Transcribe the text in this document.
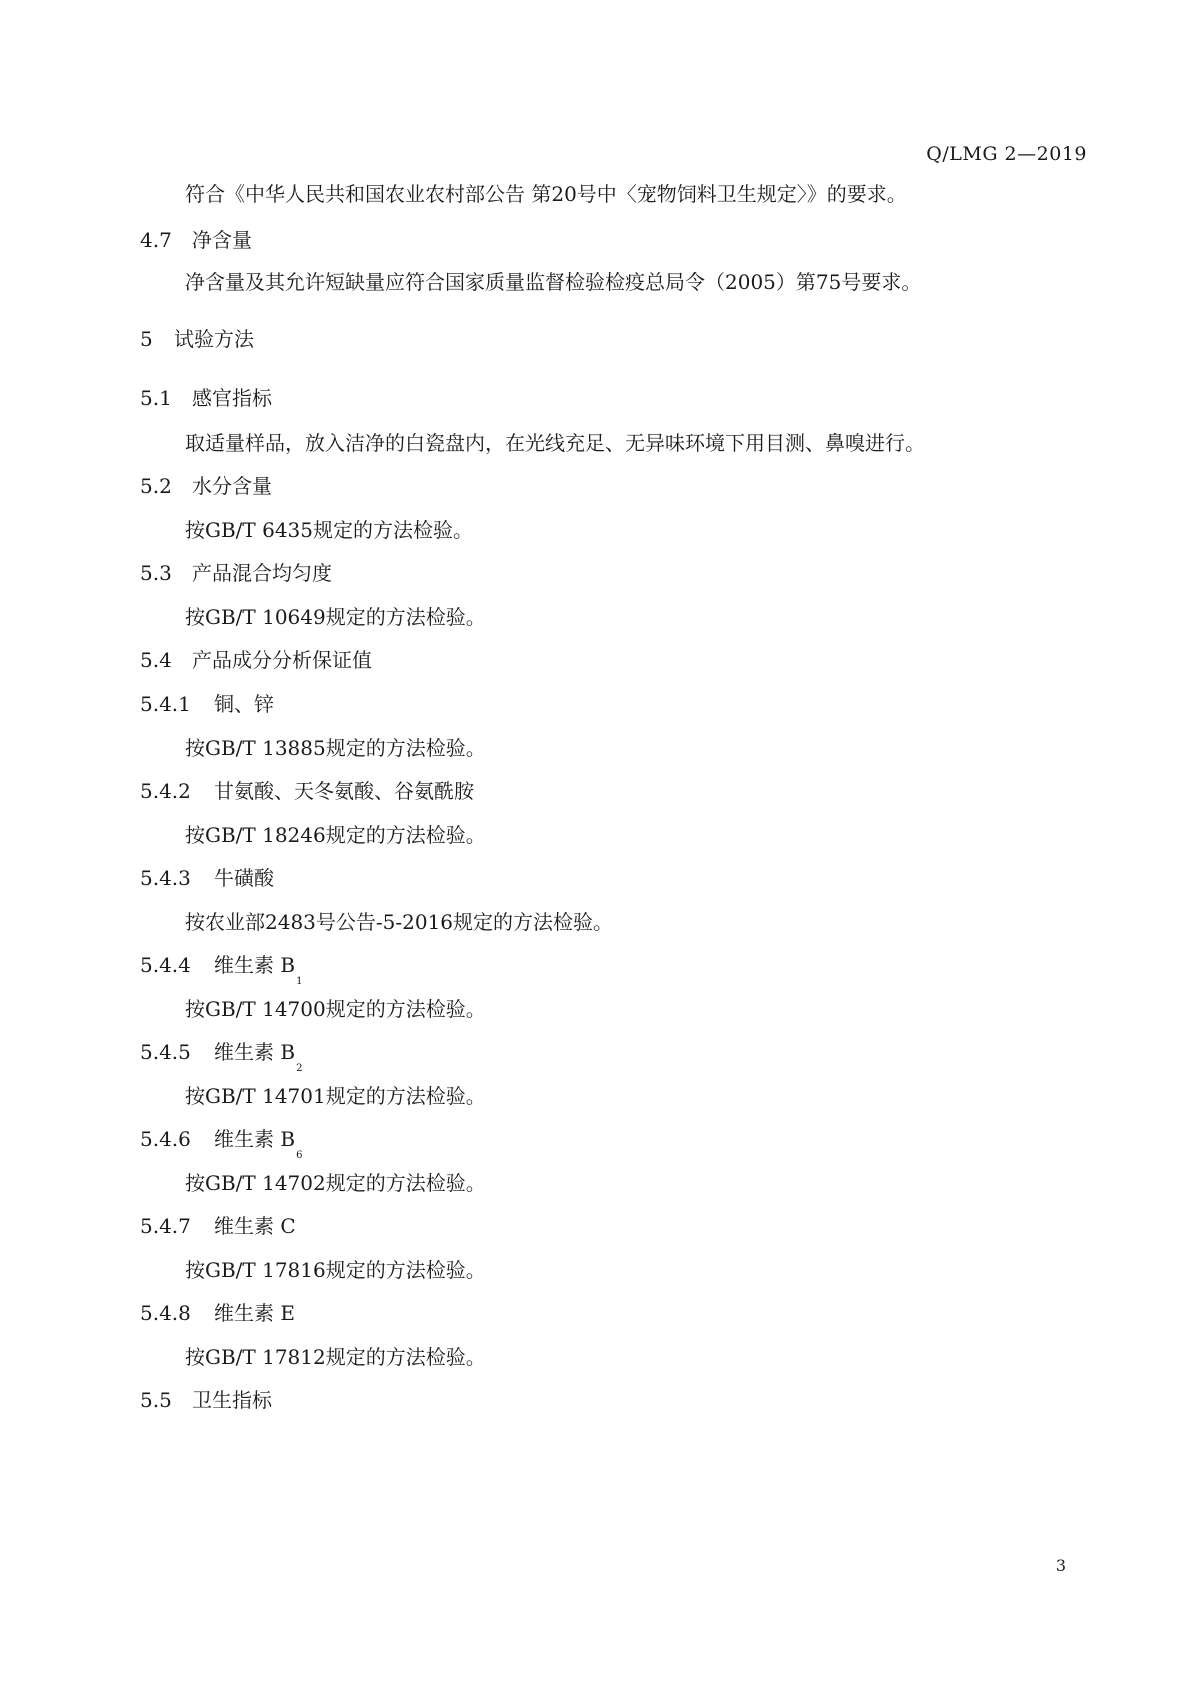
Q/LMG 2—2019
符合《中华人民共和国农业农村部公告 第20号中〈宠物饲料卫生规定〉》的要求。
4.7 净含量
净含量及其允许短缺量应符合国家质量监督检验检疫总局令（2005）第75号要求。
5 试验方法
5.1 感官指标
取适量样品，放入洁净的白瓷盘内，在光线充足、无异味环境下用目测、鼻嗅进行。
5.2 水分含量
按GB/T 6435规定的方法检验。
5.3 产品混合均匀度
按GB/T 10649规定的方法检验。
5.4 产品成分分析保证值
5.4.1 铜、锌
按GB/T 13885规定的方法检验。
5.4.2 甘氨酸、天冬氨酸、谷氨酰胺
按GB/T 18246规定的方法检验。
5.4.3 牛磺酸
按农业部2483号公告-5-2016规定的方法检验。
5.4.4 维生素 $B_1$
按GB/T 14700规定的方法检验。
5.4.5 维生素 $B_2$
按GB/T 14701规定的方法检验。
5.4.6 维生素 $B_6$
按GB/T 14702规定的方法检验。
5.4.7 维生素 C
按GB/T 17816规定的方法检验。
5.4.8 维生素 E
按GB/T 17812规定的方法检验。
5.5 卫生指标
3
